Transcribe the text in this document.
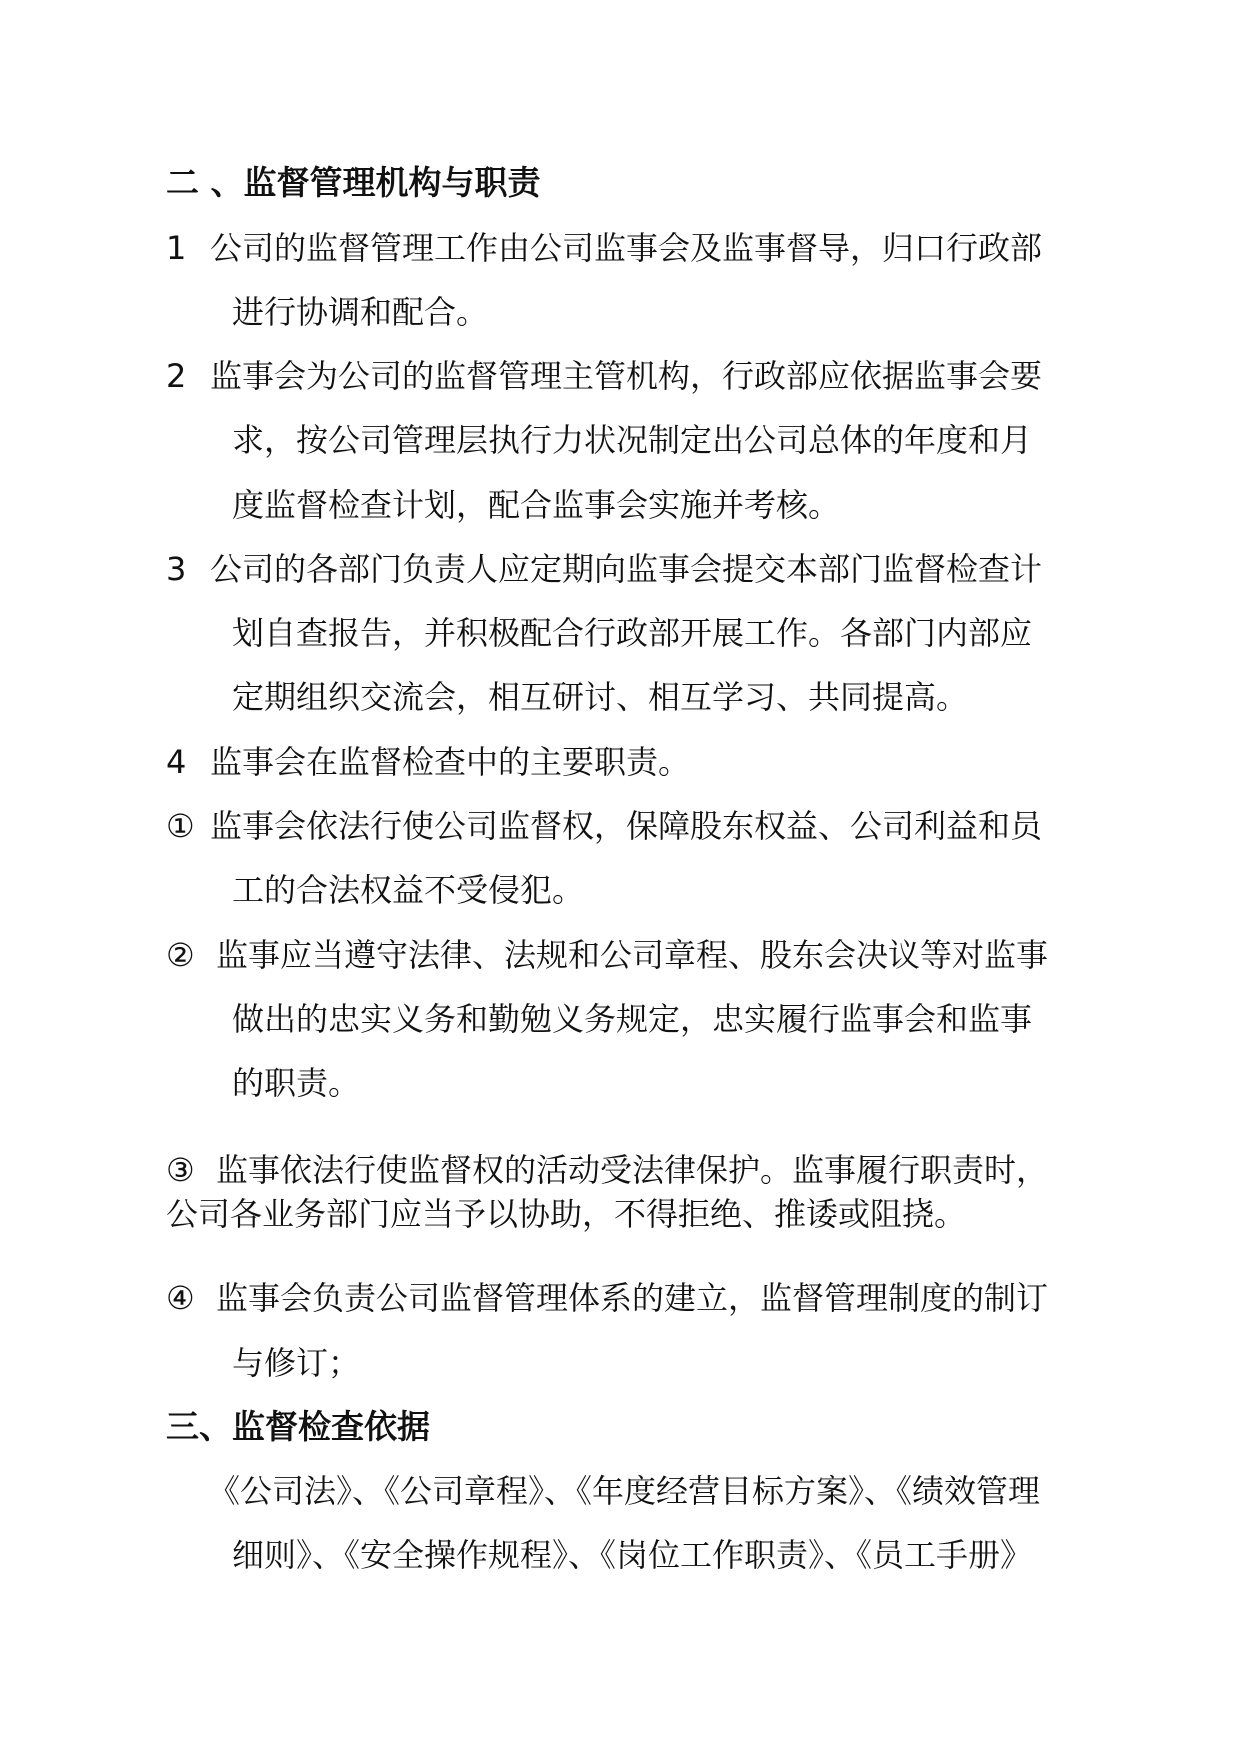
二 、监督管理机构与职责

1 公司的监督管理工作由公司监事会及监事督导，归口行政部

进行协调和配合。

2 监事会为公司的监督管理主管机构，行政部应依据监事会要

求，按公司管理层执行力状况制定出公司总体的年度和月

度监督检查计划，配合监事会实施并考核。

3 公司的各部门负责人应定期向监事会提交本部门监督检查计

划自查报告，并积极配合行政部开展工作。各部门内部应

定期组织交流会，相互研讨、相互学习、共同提高。

4 监事会在监督检查中的主要职责。

① 监事会依法行使公司监督权，保障股东权益、公司利益和员

工的合法权益不受侵犯。

② 监事应当遵守法律、法规和公司章程、股东会决议等对监事

做出的忠实义务和勤勉义务规定，忠实履行监事会和监事

的职责。

③ 监事依法行使监督权的活动受法律保护。监事履行职责时，

公司各业务部门应当予以协助，不得拒绝、推诿或阻挠。

④ 监事会负责公司监督管理体系的建立，监督管理制度的制订

与修订；

三、监督检查依据

《公司法》、《公司章程》、《年度经营目标方案》、《绩效管理

细则》、《安全操作规程》、《岗位工作职责》、《员工手册》
